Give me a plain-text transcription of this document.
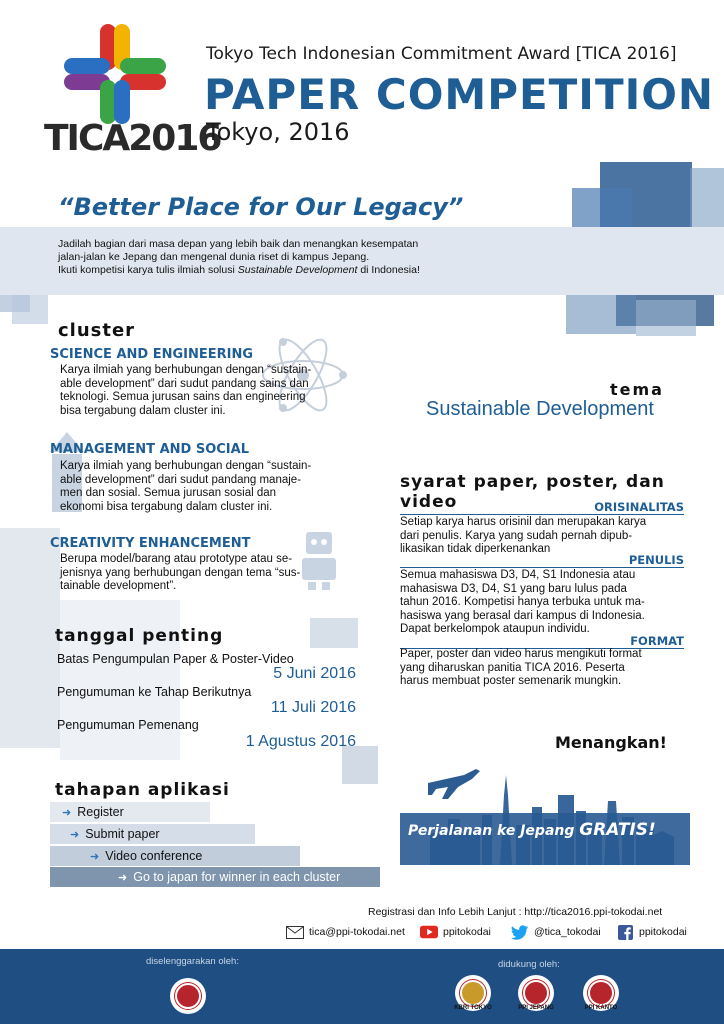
TICA2016
Tokyo Tech Indonesian Commitment Award [TICA 2016]
PAPER COMPETITION
Tokyo, 2016
“Better Place for Our Legacy”
Jadilah bagian dari masa depan yang lebih baik dan menangkan kesempatan
jalan-jalan ke Jepang dan mengenal dunia riset di kampus Jepang.
Ikuti kompetisi karya tulis ilmiah solusi Sustainable Development di Indonesia!
cluster
SCIENCE AND ENGINEERING
Karya ilmiah yang berhubungan dengan “sustain-
able development” dari sudut pandang sains dan
teknologi. Semua jurusan sains dan engineering
bisa tergabung dalam cluster ini.
MANAGEMENT AND SOCIAL
Karya ilmiah yang berhubungan dengan “sustain-
able development” dari sudut pandang manaje-
men dan sosial. Semua jurusan sosial dan
ekonomi bisa tergabung dalam cluster ini.
CREATIVITY ENHANCEMENT
Berupa model/barang atau prototype atau se-
jenisnya yang berhubungan dengan tema “sus-
tainable development”.
tema
Sustainable Development
syarat paper, poster, dan video	ORISINALITAS
Setiap karya harus orisinil dan merupakan karya
dari penulis. Karya yang sudah pernah dipub-
likasikan tidak diperkenankan
PENULIS
Semua mahasiswa D3, D4, S1 Indonesia atau
mahasiswa D3, D4, S1 yang baru lulus pada
tahun 2016. Kompetisi hanya terbuka untuk ma-
hasiswa yang berasal dari kampus di Indonesia.
Dapat berkelompok ataupun individu.
FORMAT
Paper, poster dan video harus mengikuti format
yang diharuskan panitia TICA 2016. Peserta
harus membuat poster semenarik mungkin.
tanggal penting
Batas Pengumpulan Paper & Poster-Video
5 Juni 2016
Pengumuman ke Tahap Berikutnya
11 Juli 2016
Pengumuman Pemenang
1 Agustus 2016
tahapan aplikasi
➜ Register
➜ Submit paper
➜ Video conference
➜ Go to japan for winner in each cluster
Menangkan!
Perjalanan ke Jepang GRATIS!
Registrasi dan Info Lebih Lanjut : http://tica2016.ppi-tokodai.net
tica@ppi-tokodai.net	ppitokodai	@tica_tokodai	ppitokodai
diselenggarakan oleh:	didukung oleh:
KBRI TOKYO	PPI JEPANG	PPI KANTO
